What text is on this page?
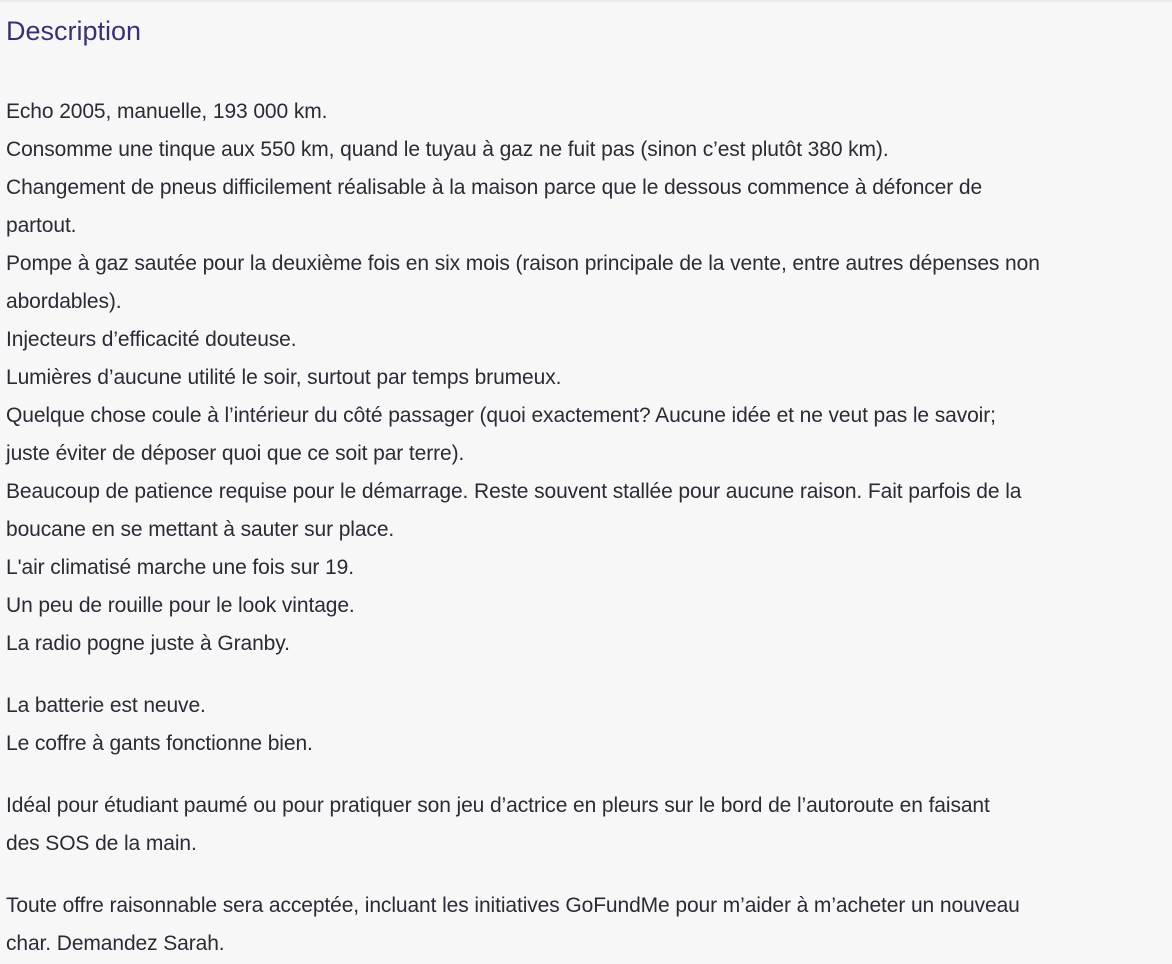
Description
Echo 2005, manuelle, 193 000 km.
Consomme une tinque aux 550 km, quand le tuyau à gaz ne fuit pas (sinon c’est plutôt 380 km).
Changement de pneus difficilement réalisable à la maison parce que le dessous commence à défoncer de
partout.
Pompe à gaz sautée pour la deuxième fois en six mois (raison principale de la vente, entre autres dépenses non
abordables).
Injecteurs d’efficacité douteuse.
Lumières d’aucune utilité le soir, surtout par temps brumeux.
Quelque chose coule à l’intérieur du côté passager (quoi exactement? Aucune idée et ne veut pas le savoir;
juste éviter de déposer quoi que ce soit par terre).
Beaucoup de patience requise pour le démarrage. Reste souvent stallée pour aucune raison. Fait parfois de la
boucane en se mettant à sauter sur place.
L'air climatisé marche une fois sur 19.
Un peu de rouille pour le look vintage.
La radio pogne juste à Granby.
La batterie est neuve.
Le coffre à gants fonctionne bien.
Idéal pour étudiant paumé ou pour pratiquer son jeu d’actrice en pleurs sur le bord de l’autoroute en faisant
des SOS de la main.
Toute offre raisonnable sera acceptée, incluant les initiatives GoFundMe pour m’aider à m’acheter un nouveau
char. Demandez Sarah.
